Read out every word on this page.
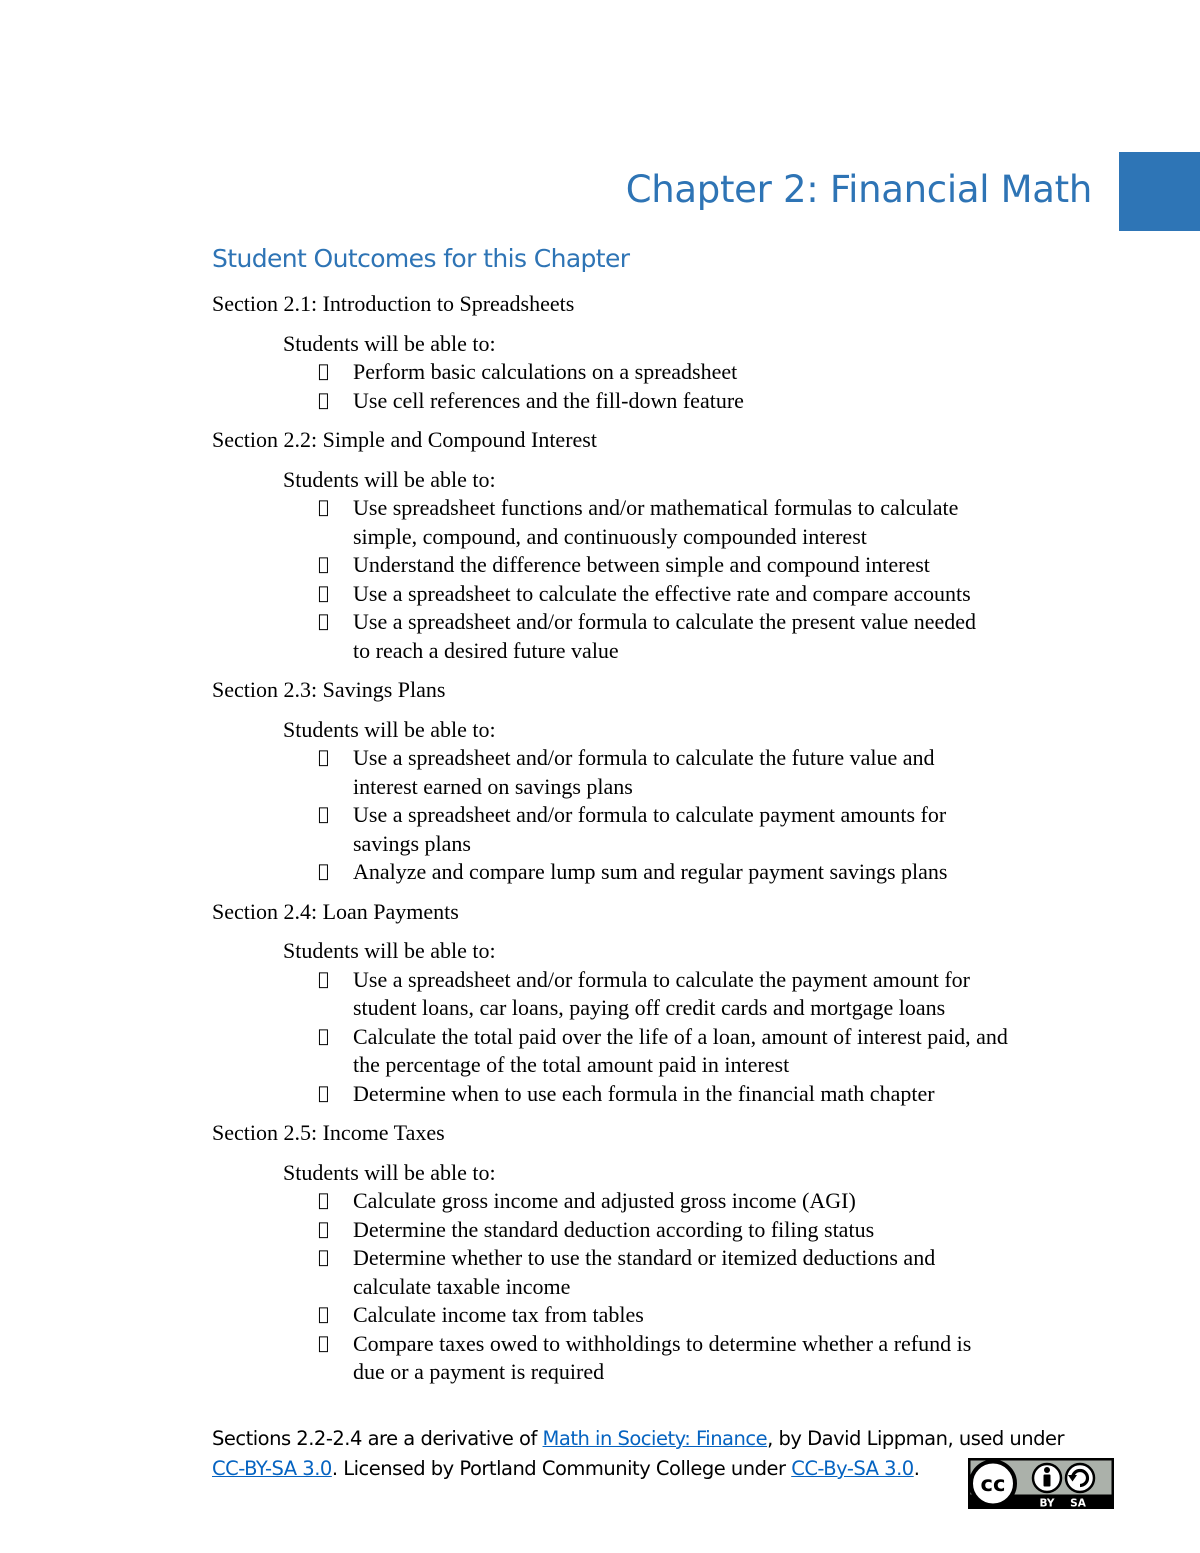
Chapter 2: Financial Math
Student Outcomes for this Chapter

Section 2.1: Introduction to Spreadsheets

Students will be able to:

Perform basic calculations on a spreadsheet
Use cell references and the fill-down feature

Section 2.2: Simple and Compound Interest

Students will be able to:

Use spreadsheet functions and/or mathematical formulas to calculate
simple, compound, and continuously compounded interest
Understand the difference between simple and compound interest
Use a spreadsheet to calculate the effective rate and compare accounts
Use a spreadsheet and/or formula to calculate the present value needed
to reach a desired future value

Section 2.3: Savings Plans

Students will be able to:

Use a spreadsheet and/or formula to calculate the future value and
interest earned on savings plans
Use a spreadsheet and/or formula to calculate payment amounts for
savings plans
Analyze and compare lump sum and regular payment savings plans

Section 2.4: Loan Payments

Students will be able to:

Use a spreadsheet and/or formula to calculate the payment amount for
student loans, car loans, paying off credit cards and mortgage loans
Calculate the total paid over the life of a loan, amount of interest paid, and
the percentage of the total amount paid in interest
Determine when to use each formula in the financial math chapter

Section 2.5: Income Taxes

Students will be able to:

Calculate gross income and adjusted gross income (AGI)
Determine the standard deduction according to filing status
Determine whether to use the standard or itemized deductions and
calculate taxable income
Calculate income tax from tables
Compare taxes owed to withholdings to determine whether a refund is
due or a payment is required
Sections 2.2-2.4 are a derivative of Math in Society: Finance, by David Lippman, used under
CC-BY-SA 3.0. Licensed by Portland Community College under CC-By-SA 3.0.
cc
BY SA
